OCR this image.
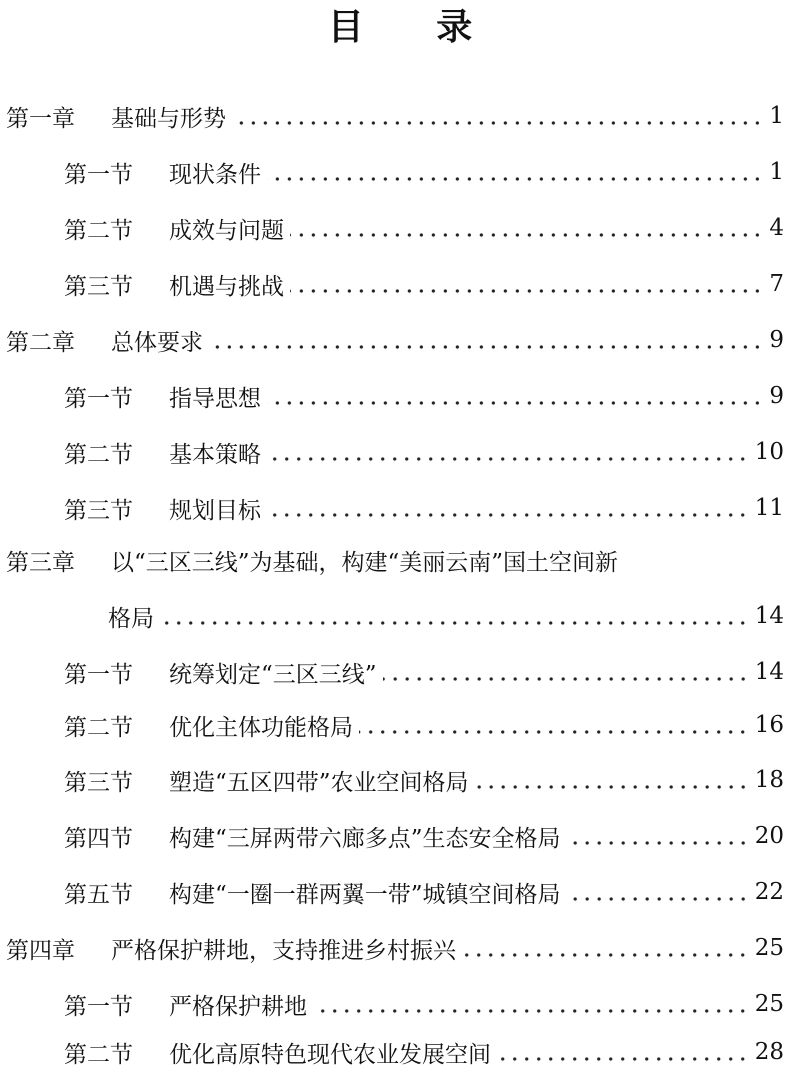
目 录
第一章 基础与形势	1
第一节 现状条件	1
第二节 成效与问题	4
第三节 机遇与挑战	7
第二章 总体要求	9
第一节 指导思想	9
第二节 基本策略	10
第三节 规划目标	11
第三章 以“三区三线”为基础，构建“美丽云南”国土空间新
格局	14
第一节 统筹划定“三区三线”	14
第二节 优化主体功能格局	16
第三节 塑造“五区四带”农业空间格局	18
第四节 构建“三屏两带六廊多点”生态安全格局	20
第五节 构建“一圈一群两翼一带”城镇空间格局	22
第四章 严格保护耕地，支持推进乡村振兴	25
第一节 严格保护耕地	25
第二节 优化高原特色现代农业发展空间	28
